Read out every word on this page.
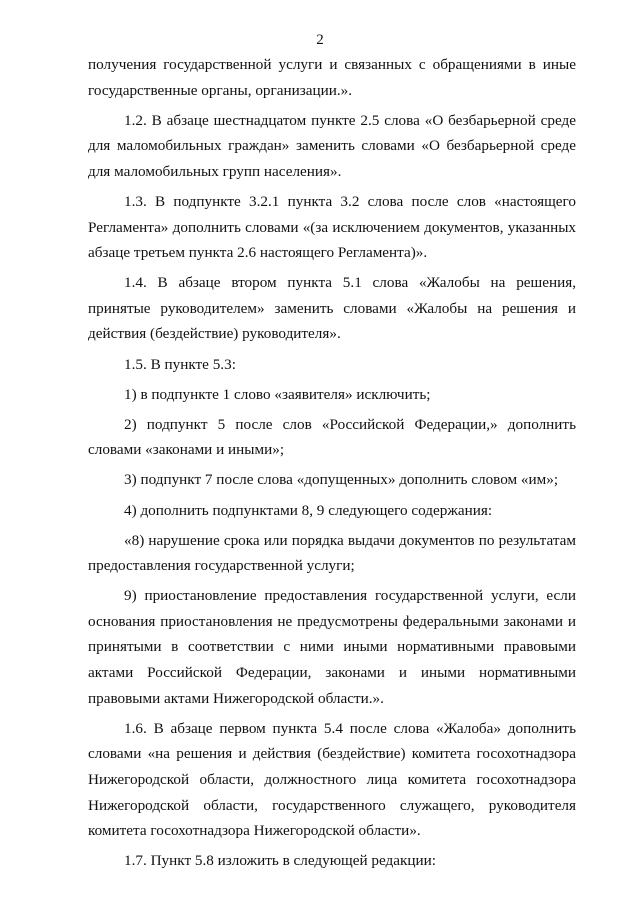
2

получения государственной услуги и связанных с обращениями в иные государственные органы, организации.».

1.2. В абзаце шестнадцатом пункте 2.5 слова «О безбарьерной среде для маломобильных граждан» заменить словами «О безбарьерной среде для маломобильных групп населения».

1.3. В подпункте 3.2.1 пункта 3.2 слова после слов «настоящего Регламента» дополнить словами «(за исключением документов, указанных абзаце третьем пункта 2.6 настоящего Регламента)».

1.4. В абзаце втором пункта 5.1 слова «Жалобы на решения, принятые руководителем» заменить словами «Жалобы на решения и действия (бездействие) руководителя».

1.5. В пункте 5.3:

1) в подпункте 1 слово «заявителя» исключить;

2) подпункт 5 после слов «Российской Федерации,» дополнить словами «законами и иными»;

3) подпункт 7 после слова «допущенных» дополнить словом «им»;

4) дополнить подпунктами 8, 9 следующего содержания:

«8) нарушение срока или порядка выдачи документов по результатам предоставления государственной услуги;

9) приостановление предоставления государственной услуги, если основания приостановления не предусмотрены федеральными законами и принятыми в соответствии с ними иными нормативными правовыми актами Российской Федерации, законами и иными нормативными правовыми актами Нижегородской области.».

1.6. В абзаце первом пункта 5.4 после слова «Жалоба» дополнить словами «на решения и действия (бездействие) комитета госохотнадзора Нижегородской области, должностного лица комитета госохотнадзора Нижегородской области, государственного служащего, руководителя комитета госохотнадзора Нижегородской области».

1.7. Пункт 5.8 изложить в следующей редакции:
